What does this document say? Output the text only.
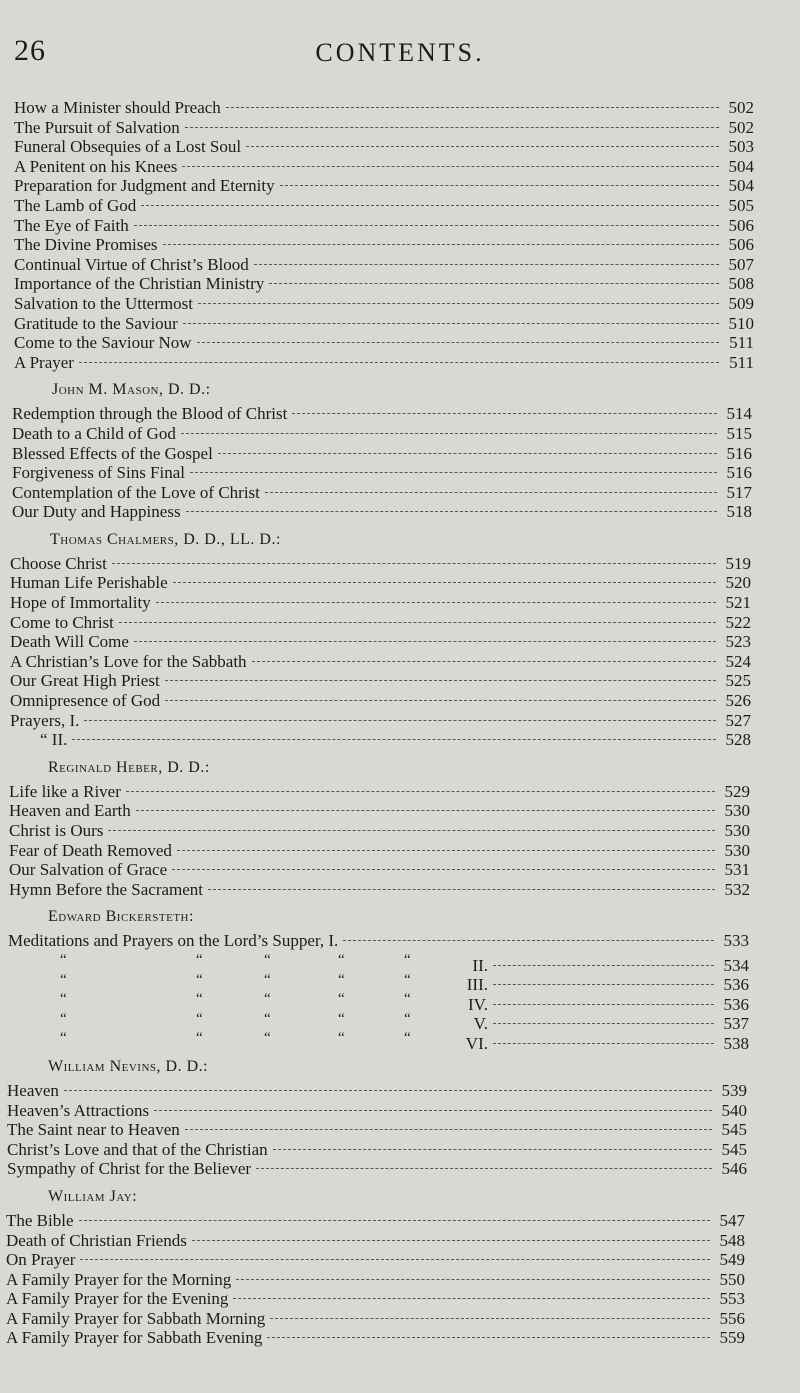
26	CONTENTS.
How a Minister should Preach	502
The Pursuit of Salvation	502
Funeral Obsequies of a Lost Soul	503
A Penitent on his Knees	504
Preparation for Judgment and Eternity	504
The Lamb of God	505
The Eye of Faith	506
The Divine Promises	506
Continual Virtue of Christ’s Blood	507
Importance of the Christian Ministry	508
Salvation to the Uttermost	509
Gratitude to the Saviour	510
Come to the Saviour Now	511
A Prayer	511
John M. Mason, D. D.:
Redemption through the Blood of Christ	514
Death to a Child of God	515
Blessed Effects of the Gospel	516
Forgiveness of Sins Final	516
Contemplation of the Love of Christ	517
Our Duty and Happiness	518
Thomas Chalmers, D. D., LL. D.:
Choose Christ	519
Human Life Perishable	520
Hope of Immortality	521
Come to Christ	522
Death Will Come	523
A Christian’s Love for the Sabbath	524
Our Great High Priest	525
Omnipresence of God	526
Prayers, I.	527
“ II.	528
Reginald Heber, D. D.:
Life like a River	529
Heaven and Earth	530
Christ is Ours	530
Fear of Death Removed	530
Our Salvation of Grace	531
Hymn Before the Sacrament	532
Edward Bickersteth:
Meditations and Prayers on the Lord’s Supper, I.	533
“	“	“	“	“	II.	534
“	“	“	“	“	III.	536
“	“	“	“	“	IV.	536
“	“	“	“	“	V.	537
“	“	“	“	“	VI.	538
William Nevins, D. D.:
Heaven	539
Heaven’s Attractions	540
The Saint near to Heaven	545
Christ’s Love and that of the Christian	545
Sympathy of Christ for the Believer	546
William Jay:
The Bible	547
Death of Christian Friends	548
On Prayer	549
A Family Prayer for the Morning	550
A Family Prayer for the Evening	553
A Family Prayer for Sabbath Morning	556
A Family Prayer for Sabbath Evening	559
